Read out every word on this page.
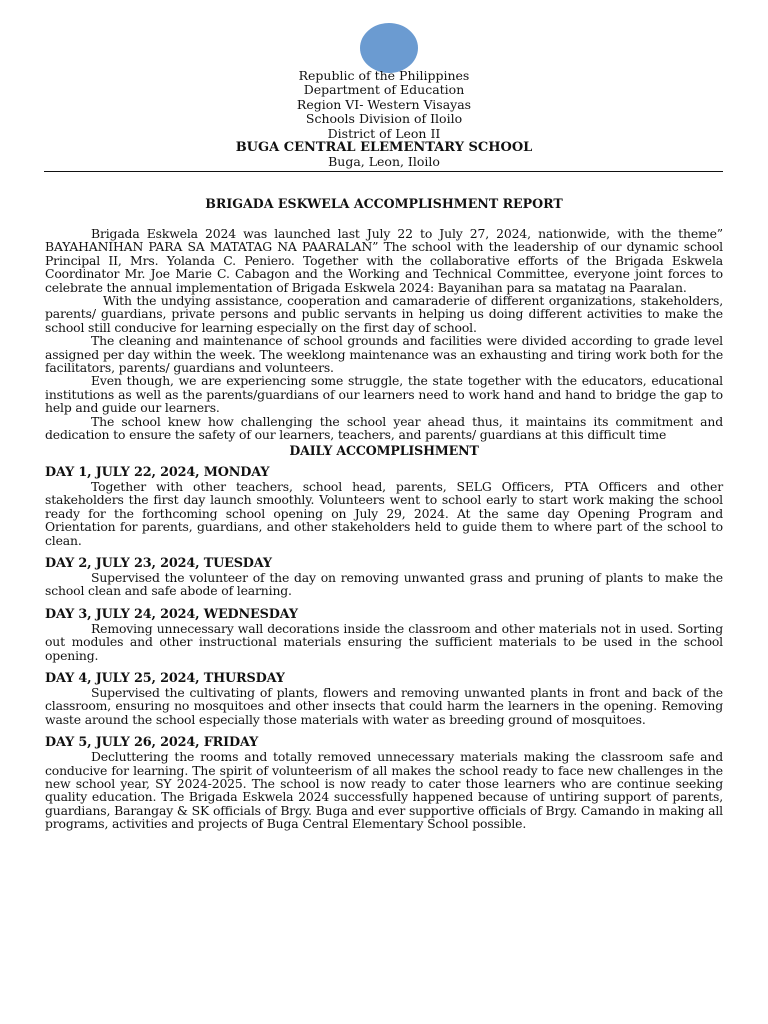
Republic of the Philippines
Department of Education
Region VI- Western Visayas
Schools Division of Iloilo
District of Leon II
BUGA CENTRAL ELEMENTARY SCHOOL
Buga, Leon, Iloilo
BRIGADA ESKWELA ACCOMPLISHMENT REPORT

Brigada Eskwela 2024 was launched last July 22 to July 27, 2024, nationwide, with the theme” BAYAHANIHAN PARA SA MATATAG NA PAARALAN” The school with the leadership of our dynamic school Principal II, Mrs. Yolanda C. Peniero. Together with the collaborative efforts of the Brigada Eskwela Coordinator Mr. Joe Marie C. Cabagon and the Working and Technical Committee, everyone joint forces to celebrate the annual implementation of Brigada Eskwela 2024: Bayanihan para sa matatag na Paaralan.

With the undying assistance, cooperation and camaraderie of different organizations, stakeholders, parents/ guardians, private persons and public servants in helping us doing different activities to make the school still conducive for learning especially on the first day of school.

The cleaning and maintenance of school grounds and facilities were divided according to grade level assigned per day within the week. The weeklong maintenance was an exhausting and tiring work both for the facilitators, parents/ guardians and volunteers.

Even though, we are experiencing some struggle, the state together with the educators, educational institutions as well as the parents/guardians of our learners need to work hand and hand to bridge the gap to help and guide our learners.

The school knew how challenging the school year ahead thus, it maintains its commitment and dedication to ensure the safety of our learners, teachers, and parents/ guardians at this difficult time

DAILY ACCOMPLISHMENT
DAY 1, JULY 22, 2024, MONDAY

Together with other teachers, school head, parents, SELG Officers, PTA Officers and other stakeholders the first day launch smoothly. Volunteers went to school early to start work making the school ready for the forthcoming school opening on July 29, 2024. At the same day Opening Program and Orientation for parents, guardians, and other stakeholders held to guide them to where part of the school to clean.

DAY 2, JULY 23, 2024, TUESDAY

Supervised the volunteer of the day on removing unwanted grass and pruning of plants to make the school clean and safe abode of learning.

DAY 3, JULY 24, 2024, WEDNESDAY

Removing unnecessary wall decorations inside the classroom and other materials not in used. Sorting out modules and other instructional materials ensuring the sufficient materials to be used in the school opening.

DAY 4, JULY 25, 2024, THURSDAY

Supervised the cultivating of plants, flowers and removing unwanted plants in front and back of the classroom, ensuring no mosquitoes and other insects that could harm the learners in the opening. Removing waste around the school especially those materials with water as breeding ground of mosquitoes.

DAY 5, JULY 26, 2024, FRIDAY

Decluttering the rooms and totally removed unnecessary materials making the classroom safe and conducive for learning. The spirit of volunteerism of all makes the school ready to face new challenges in the new school year, SY 2024-2025. The school is now ready to cater those learners who are continue seeking quality education. The Brigada Eskwela 2024 successfully happened because of untiring support of parents, guardians, Barangay & SK officials of Brgy. Buga and ever supportive officials of Brgy. Camando in making all programs, activities and projects of Buga Central Elementary School possible.
